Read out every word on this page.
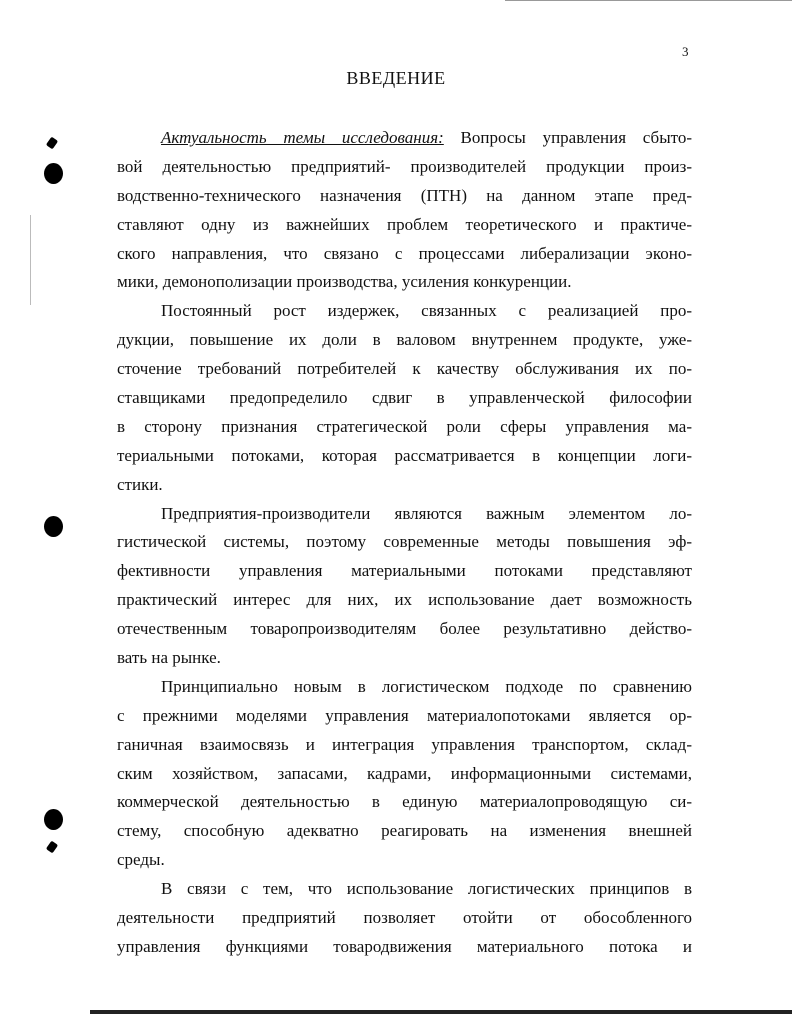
3
ВВЕДЕНИЕ
Актуальность темы исследования: Вопросы управления сбыто-
вой деятельностью предприятий- производителей продукции произ-
водственно-технического назначения (ПТН) на данном этапе пред-
ставляют одну из важнейших проблем теоретического и практиче-
ского направления, что связано с процессами либерализации эконо-
мики, демонополизации производства, усиления конкуренции.
Постоянный рост издержек, связанных с реализацией про-
дукции, повышение их доли в валовом внутреннем продукте, уже-
сточение требований потребителей к качеству обслуживания их по-
ставщиками предопределило сдвиг в управленческой философии
в сторону признания стратегической роли сферы управления ма-
териальными потоками, которая рассматривается в концепции логи-
стики.
Предприятия-производители являются важным элементом ло-
гистической системы, поэтому современные методы повышения эф-
фективности управления материальными потоками представляют
практический интерес для них, их использование дает возможность
отечественным товаропроизводителям более результативно действо-
вать на рынке.
Принципиально новым в логистическом подходе по сравнению
с прежними моделями управления материалопотоками является ор-
ганичная взаимосвязь и интеграция управления транспортом, склад-
ским хозяйством, запасами, кадрами, информационными системами,
коммерческой деятельностью в единую материалопроводящую си-
стему, способную адекватно реагировать на изменения внешней
среды.
В связи с тем, что использование логистических принципов в
деятельности предприятий позволяет отойти от обособленного
управления функциями товародвижения материального потока и
